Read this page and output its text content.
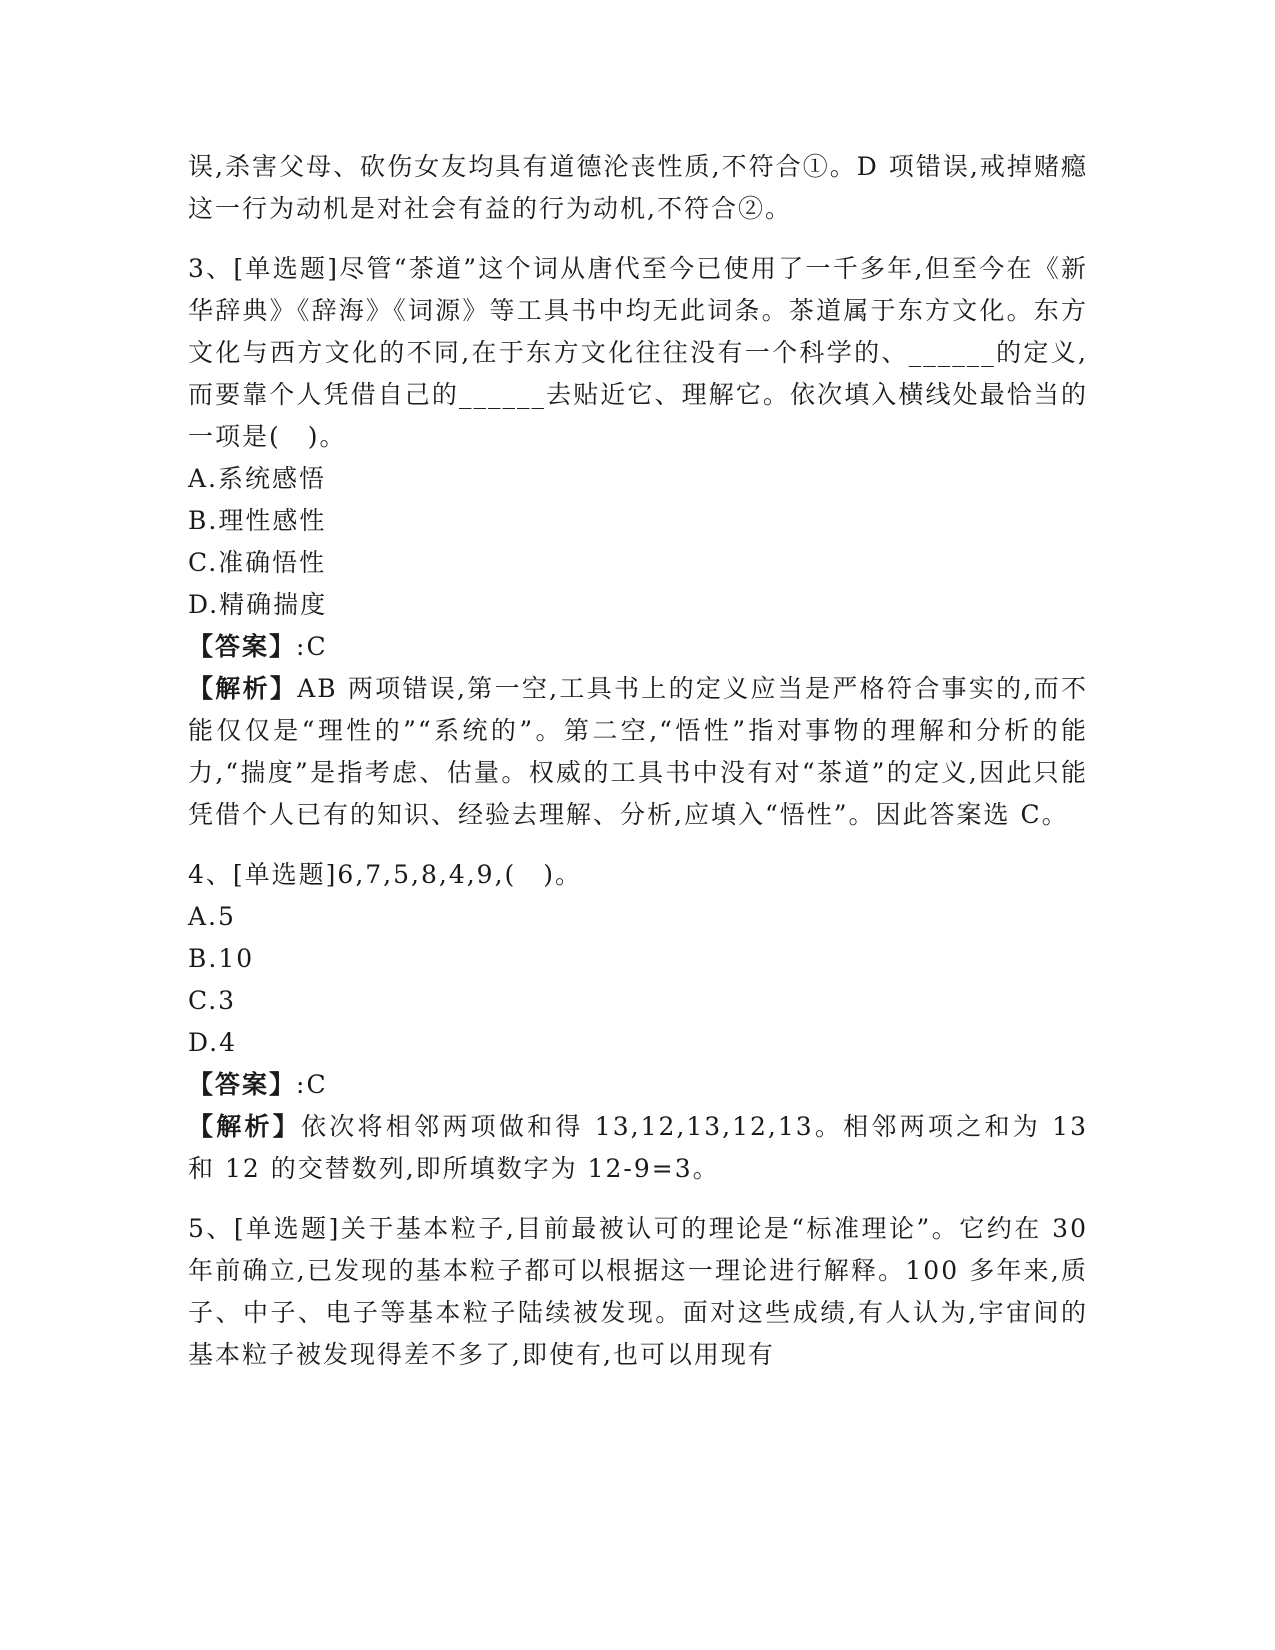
误,杀害父母、砍伤女友均具有道德沦丧性质,不符合①。D 项错误,戒掉赌瘾这一行为动机是对社会有益的行为动机,不符合②。

3、[单选题]尽管“茶道”这个词从唐代至今已使用了一千多年,但至今在《新华辞典》《辞海》《词源》等工具书中均无此词条。茶道属于东方文化。东方文化与西方文化的不同,在于东方文化往往没有一个科学的、______的定义,而要靠个人凭借自己的______去贴近它、理解它。依次填入横线处最恰当的一项是(　)。

A.系统感悟

B.理性感性

C.准确悟性

D.精确揣度

【答案】:C

【解析】AB 两项错误,第一空,工具书上的定义应当是严格符合事实的,而不能仅仅是“理性的”“系统的”。第二空,“悟性”指对事物的理解和分析的能力,“揣度”是指考虑、估量。权威的工具书中没有对“茶道”的定义,因此只能凭借个人已有的知识、经验去理解、分析,应填入“悟性”。因此答案选 C。

4、[单选题]6,7,5,8,4,9,(　)。

A.5

B.10

C.3

D.4

【答案】:C

【解析】依次将相邻两项做和得 13,12,13,12,13。相邻两项之和为 13 和 12 的交替数列,即所填数字为 12-9=3。

5、[单选题]关于基本粒子,目前最被认可的理论是“标准理论”。它约在 30 年前确立,已发现的基本粒子都可以根据这一理论进行解释。100 多年来,质子、中子、电子等基本粒子陆续被发现。面对这些成绩,有人认为,宇宙间的基本粒子被发现得差不多了,即使有,也可以用现有
